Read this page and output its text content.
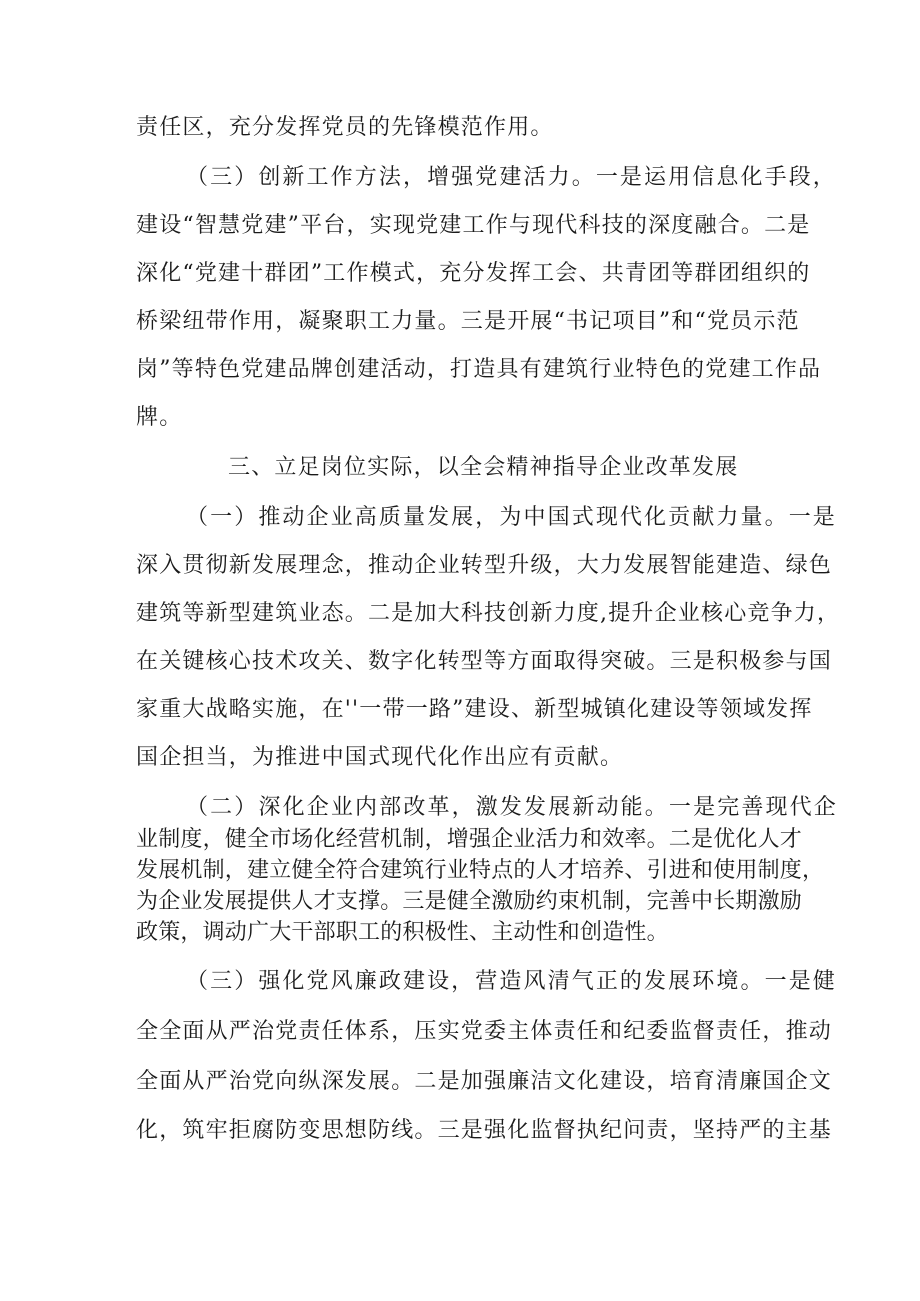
责任区，充分发挥党员的先锋模范作用。
（三）创新工作方法，增强党建活力。一是运用信息化手段，
建设“智慧党建”平台，实现党建工作与现代科技的深度融合。二是
深化“党建十群团”工作模式，充分发挥工会、共青团等群团组织的
桥梁纽带作用，凝聚职工力量。三是开展“书记项目”和“党员示范
岗”等特色党建品牌创建活动，打造具有建筑行业特色的党建工作品
牌。
三、立足岗位实际，以全会精神指导企业改革发展
（一）推动企业高质量发展，为中国式现代化贡献力量。一是
深入贯彻新发展理念，推动企业转型升级，大力发展智能建造、绿色
建筑等新型建筑业态。二是加大科技创新力度,提升企业核心竞争力，
在关键核心技术攻关、数字化转型等方面取得突破。三是积极参与国
家重大战略实施，在''一带一路”建设、新型城镇化建设等领域发挥
国企担当，为推进中国式现代化作出应有贡献。
（二）深化企业内部改革，激发发展新动能。一是完善现代企
业制度，健全市场化经营机制，增强企业活力和效率。二是优化人才
发展机制，建立健全符合建筑行业特点的人才培养、引进和使用制度，
为企业发展提供人才支撑。三是健全激励约束机制，完善中长期激励
政策，调动广大干部职工的积极性、主动性和创造性。
（三）强化党风廉政建设，营造风清气正的发展环境。一是健
全全面从严治党责任体系，压实党委主体责任和纪委监督责任，推动
全面从严治党向纵深发展。二是加强廉洁文化建设，培育清廉国企文
化，筑牢拒腐防变思想防线。三是强化监督执纪问责，坚持严的主基
